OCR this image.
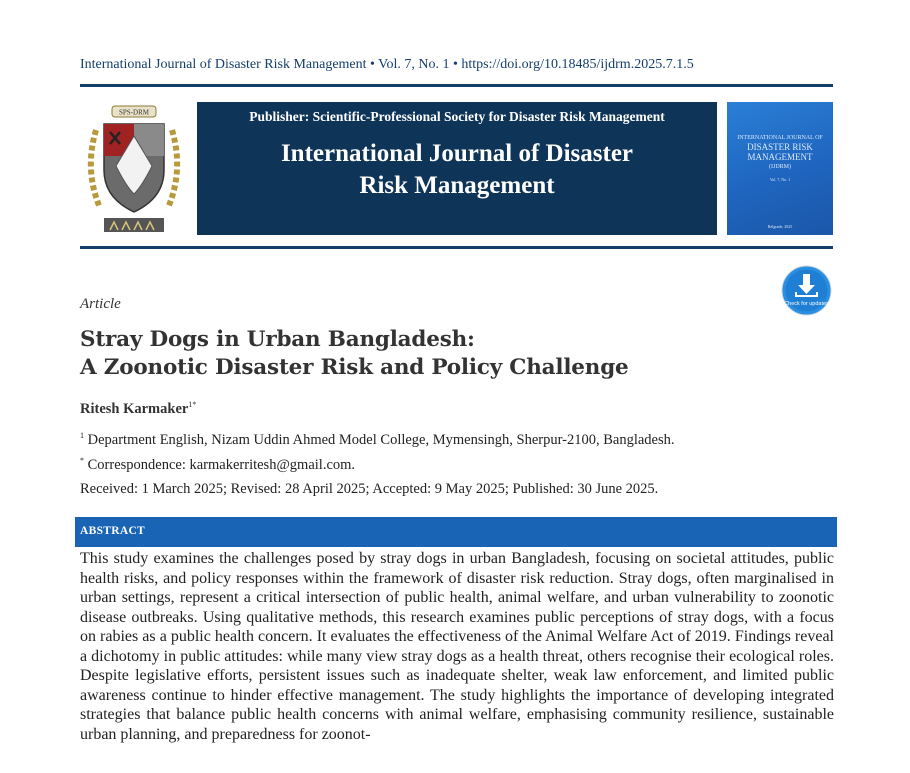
International Journal of Disaster Risk Management • Vol. 7, No. 1 • https://doi.org/10.18485/ijdrm.2025.7.1.5
SPS-DRM	Publisher: Scientific-Professional Society for Disaster Risk Management
International Journal of Disaster
Risk Management
INTERNATIONAL JOURNAL OF
DISASTER RISK MANAGEMENT
(IJDRM)
Vol. 7, No. 1
Belgrade, 2025
Check for updates
Article
Stray Dogs in Urban Bangladesh:
A Zoonotic Disaster Risk and Policy Challenge
Ritesh Karmaker$^{1*}$
$^1$ Department English, Nizam Uddin Ahmed Model College, Mymensingh, Sherpur-2100, Bangladesh.
* Correspondence: karmakerritesh@gmail.com.
Received: 1 March 2025; Revised: 28 April 2025; Accepted: 9 May 2025; Published: 30 June 2025.
ABSTRACT
This study examines the challenges posed by stray dogs in urban Bangladesh, focusing on societal attitudes, public health risks, and policy responses within the framework of disaster risk reduction. Stray dogs, often marginalised in urban settings, represent a critical intersection of public health, animal welfare, and urban vulnerability to zoonotic disease outbreaks. Using qualitative methods, this research examines public perceptions of stray dogs, with a focus on rabies as a public health concern. It evaluates the effectiveness of the Animal Welfare Act of 2019. Findings reveal a dichotomy in public attitudes: while many view stray dogs as a health threat, others recognise their ecological roles. Despite legislative efforts, persistent issues such as inadequate shelter, weak law enforcement, and limited public awareness continue to hinder effective management. The study highlights the importance of developing integrated strategies that balance public health concerns with animal welfare, emphasising community resilience, sustainable urban planning, and preparedness for zoonot-
